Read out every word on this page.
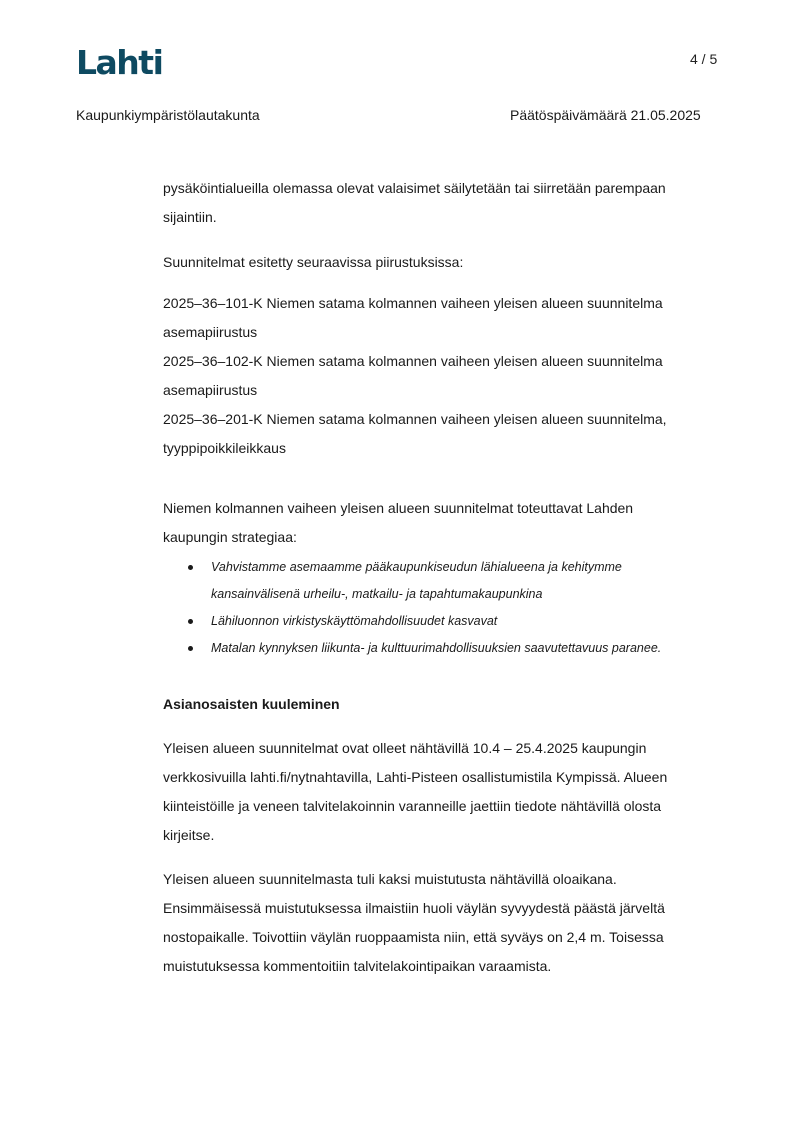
Lahti	4 / 5
Kaupunkiympäristölautakunta	Päätöspäivämäärä 21.05.2025
pysäköintialueilla olemassa olevat valaisimet säilytetään tai siirretään parempaan
sijaintiin.
Suunnitelmat esitetty seuraavissa piirustuksissa:
2025–36–101-K Niemen satama kolmannen vaiheen yleisen alueen suunnitelma
asemapiirustus
2025–36–102-K Niemen satama kolmannen vaiheen yleisen alueen suunnitelma
asemapiirustus
2025–36–201-K Niemen satama kolmannen vaiheen yleisen alueen suunnitelma,
tyyppipoikkileikkaus
Niemen kolmannen vaiheen yleisen alueen suunnitelmat toteuttavat Lahden
kaupungin strategiaa:
Vahvistamme asemaamme pääkaupunkiseudun lähialueena ja kehitymme
kansainvälisenä urheilu-, matkailu- ja tapahtumakaupunkina
Lähiluonnon virkistyskäyttömahdollisuudet kasvavat
Matalan kynnyksen liikunta- ja kulttuurimahdollisuuksien saavutettavuus paranee.
Asianosaisten kuuleminen
Yleisen alueen suunnitelmat ovat olleet nähtävillä 10.4 – 25.4.2025 kaupungin
verkkosivuilla lahti.fi/nytnahtavilla, Lahti-Pisteen osallistumistila Kympissä. Alueen
kiinteistöille ja veneen talvitelakoinnin varanneille jaettiin tiedote nähtävillä olosta
kirjeitse.
Yleisen alueen suunnitelmasta tuli kaksi muistutusta nähtävillä oloaikana.
Ensimmäisessä muistutuksessa ilmaistiin huoli väylän syvyydestä päästä järveltä
nostopaikalle. Toivottiin väylän ruoppaamista niin, että syväys on 2,4 m. Toisessa
muistutuksessa kommentoitiin talvitelakointipaikan varaamista.
